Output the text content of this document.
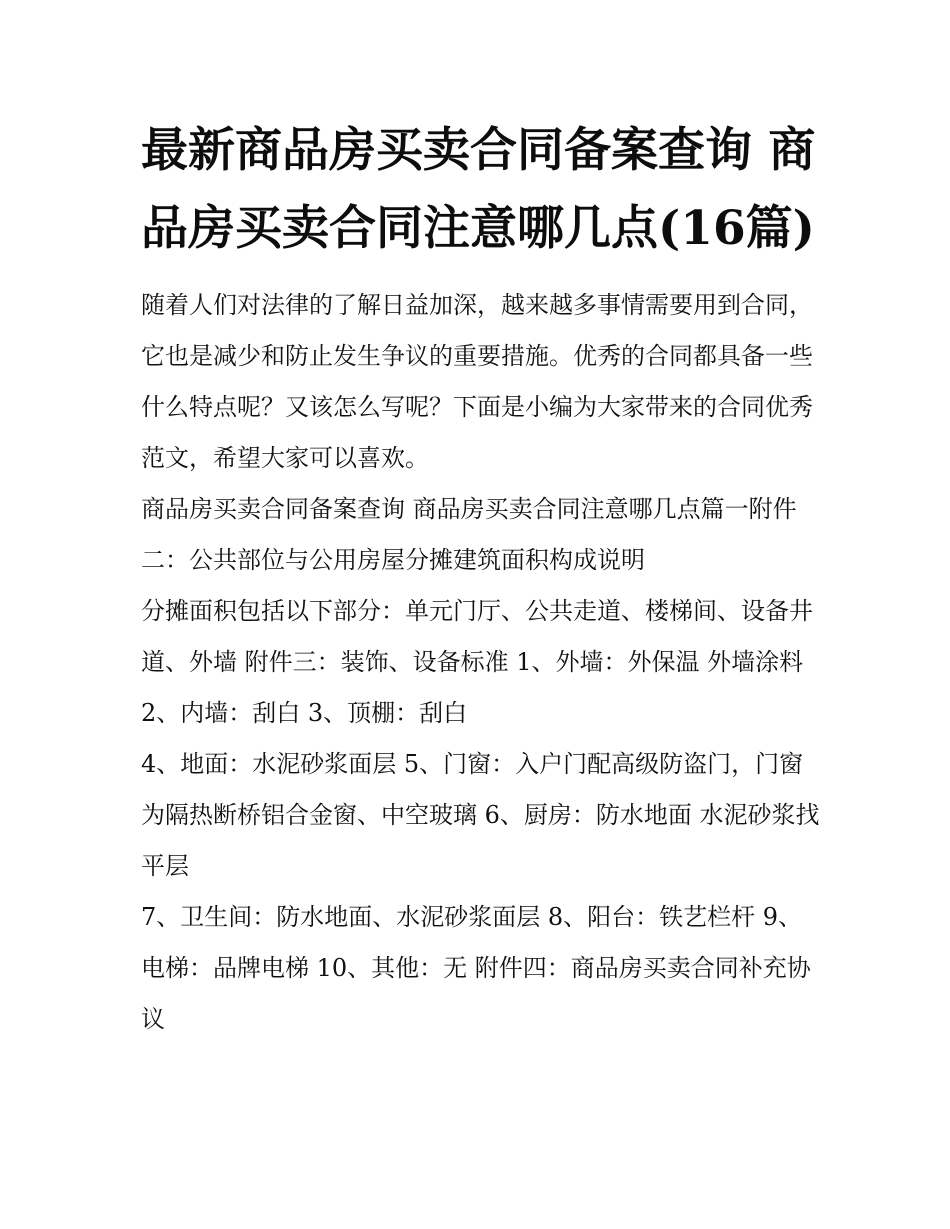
最新商品房买卖合同备案查询 商品房买卖合同注意哪几点(16篇)

随着人们对法律的了解日益加深，越来越多事情需要用到合同，它也是减少和防止发生争议的重要措施。优秀的合同都具备一些什么特点呢？又该怎么写呢？下面是小编为大家带来的合同优秀范文，希望大家可以喜欢。

商品房买卖合同备案查询 商品房买卖合同注意哪几点篇一附件二：公共部位与公用房屋分摊建筑面积构成说明

分摊面积包括以下部分：单元门厅、公共走道、楼梯间、设备井道、外墙 附件三：装饰、设备标准 1、外墙：外保温 外墙涂料 2、内墙：刮白 3、顶棚：刮白

4、地面：水泥砂浆面层 5、门窗：入户门配高级防盗门，门窗为隔热断桥铝合金窗、中空玻璃 6、厨房：防水地面 水泥砂浆找平层

7、卫生间：防水地面、水泥砂浆面层 8、阳台：铁艺栏杆 9、电梯：品牌电梯 10、其他：无 附件四：商品房买卖合同补充协议
